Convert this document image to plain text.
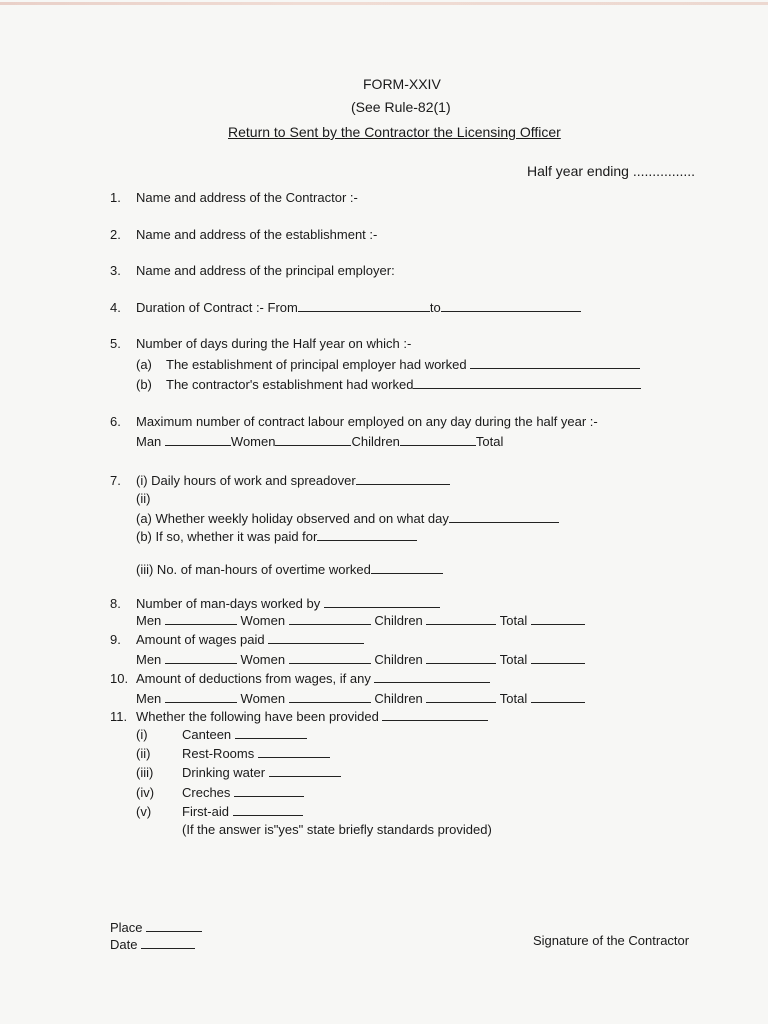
FORM-XXIV
(See Rule-82(1)
Return to Sent by the Contractor the Licensing Officer
Half year ending ................
1. Name and address of the Contractor :-
2. Name and address of the establishment :-
3. Name and address of the principal employer:
4. Duration of Contract :- From	to
5. Number of days during the Half year on which :-
(a) The establishment of principal employer had worked
(b) The contractor's establishment had worked
6. Maximum number of contract labour employed on any day during the half year :-
Man	Women	Children	Total
7. (i) Daily hours of work and spreadover
(ii)
(a) Whether weekly holiday observed and on what day
(b) If so, whether it was paid for
(iii) No. of man-hours of overtime worked
8. Number of man-days worked by
Men	Women	Children	Total
9. Amount of wages paid
Men	Women	Children	Total
10. Amount of deductions from wages, if any
Men	Women	Children	Total
11. Whether the following have been provided
(i)	Canteen
(ii) Rest-Rooms
(iii) Drinking water
(iv) Creches
(v) First-aid
(If the answer is"yes" state briefly standards provided)
Place
Date	Signature of the Contractor
